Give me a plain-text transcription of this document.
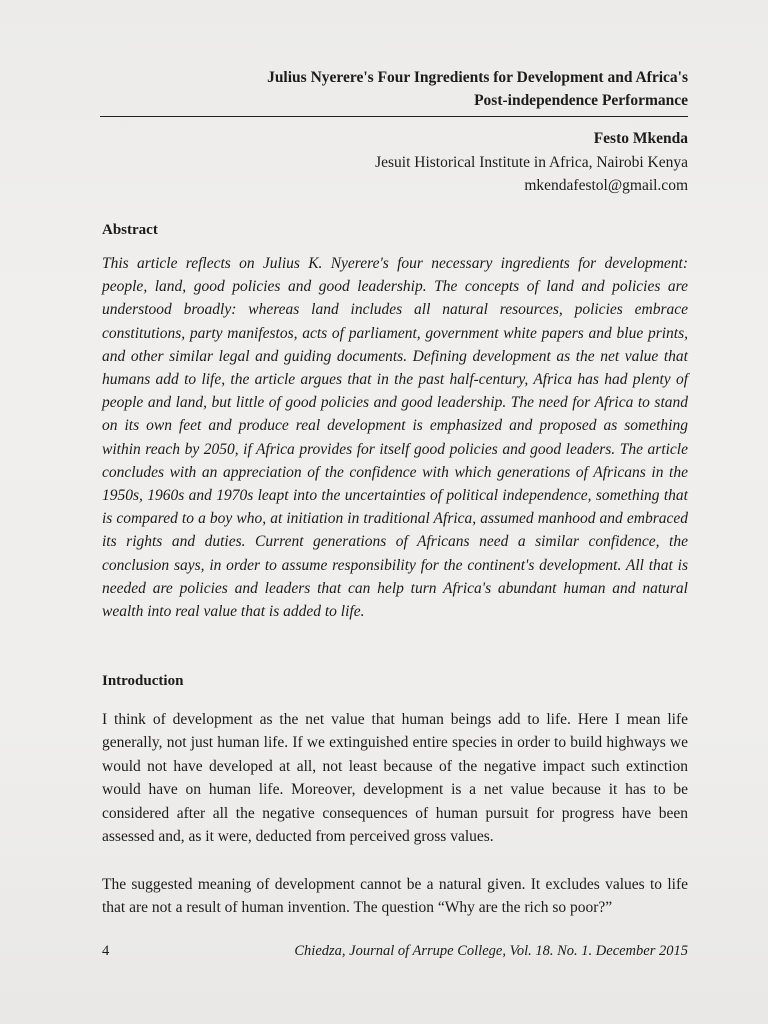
Julius Nyerere's Four Ingredients for Development and Africa's
Post-independence Performance
Festo Mkenda
Jesuit Historical Institute in Africa, Nairobi Kenya
mkendafestol@gmail.com
Abstract
This article reflects on Julius K. Nyerere's four necessary ingredients for development: people, land, good policies and good leadership. The concepts of land and policies are understood broadly: whereas land includes all natural resources, policies embrace constitutions, party manifestos, acts of parliament, government white papers and blue prints, and other similar legal and guiding documents. Defining development as the net value that humans add to life, the article argues that in the past half-century, Africa has had plenty of people and land, but little of good policies and good leadership. The need for Africa to stand on its own feet and produce real development is emphasized and proposed as something within reach by 2050, if Africa provides for itself good policies and good leaders. The article concludes with an appreciation of the confidence with which generations of Africans in the 1950s, 1960s and 1970s leapt into the uncertainties of political independence, something that is compared to a boy who, at initiation in traditional Africa, assumed manhood and embraced its rights and duties. Current generations of Africans need a similar confidence, the conclusion says, in order to assume responsibility for the continent's development. All that is needed are policies and leaders that can help turn Africa's abundant human and natural wealth into real value that is added to life.
Introduction
I think of development as the net value that human beings add to life. Here I mean life generally, not just human life. If we extinguished entire species in order to build highways we would not have developed at all, not least because of the negative impact such extinction would have on human life. Moreover, development is a net value because it has to be considered after all the negative consequences of human pursuit for progress have been assessed and, as it were, deducted from perceived gross values.
The suggested meaning of development cannot be a natural given. It excludes values to life that are not a result of human invention. The question “Why are the rich so poor?”
4	Chiedza, Journal of Arrupe College, Vol. 18. No. 1. December 2015
